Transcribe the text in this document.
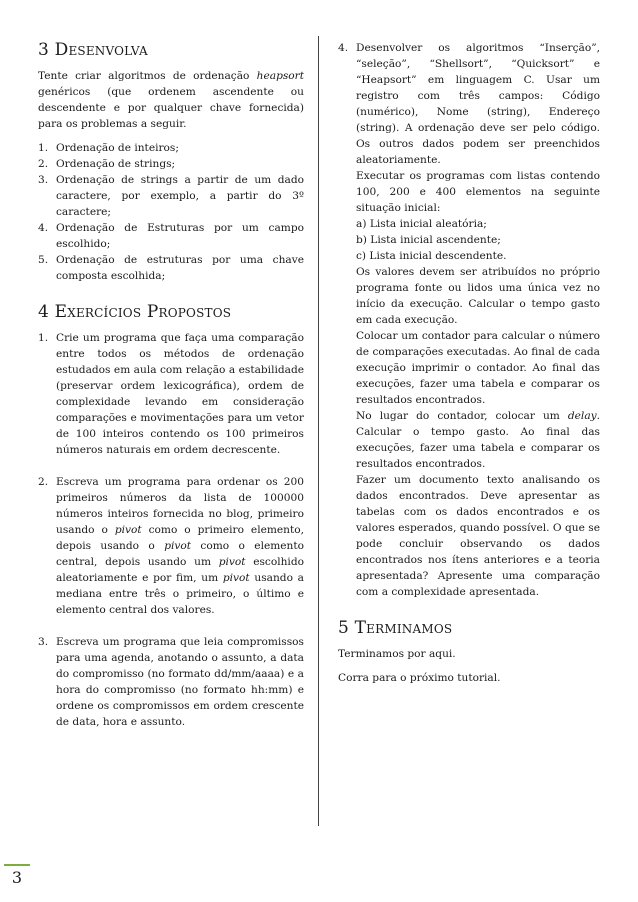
3 Desenvolva

Tente criar algoritmos de ordenação heapsort genéricos (que ordenem ascendente ou descendente e por qualquer chave fornecida) para os problemas a seguir.

1. Ordenação de inteiros;
2. Ordenação de strings;
3. Ordenação de strings a partir de um dado caractere, por exemplo, a partir do 3º caractere;
4. Ordenação de Estruturas por um campo escolhido;
5. Ordenação de estruturas por uma chave composta escolhida;
4 Exercícios Propostos
1. Crie um programa que faça uma comparação entre todos os métodos de ordenação estudados em aula com relação a estabilidade (preservar ordem lexicográfica), ordem de complexidade levando em consideração comparações e movimentações para um vetor de 100 inteiros contendo os 100 primeiros números naturais em ordem decrescente.
2. Escreva um programa para ordenar os 200 primeiros números da lista de 100000 números inteiros fornecida no blog, primeiro usando o pivot como o primeiro elemento, depois usando o pivot como o elemento central, depois usando um pivot escolhido aleatoriamente e por fim, um pivot usando a mediana entre três o primeiro, o último e elemento central dos valores.
3. Escreva um programa que leia compromissos para uma agenda, anotando o assunto, a data do compromisso (no formato dd/mm/aaaa) e a hora do compromisso (no formato hh:mm) e ordene os compromissos em ordem crescente de data, hora e assunto.
4. Desenvolver os algoritmos “Inserção”, “seleção”, “Shellsort”, “Quicksort” e “Heapsort” em linguagem C. Usar um registro com três campos: Código (numérico), Nome (string), Endereço (string). A ordenação deve ser pelo código. Os outros dados podem ser preenchidos aleatoriamente.

Executar os programas com listas contendo 100, 200 e 400 elementos na seguinte situação inicial:

a) Lista inicial aleatória;

b) Lista inicial ascendente;

c) Lista inicial descendente.

Os valores devem ser atribuídos no próprio programa fonte ou lidos uma única vez no início da execução. Calcular o tempo gasto em cada execução.

Colocar um contador para calcular o número de comparações executadas. Ao final de cada execução imprimir o contador. Ao final das execuções, fazer uma tabela e comparar os resultados encontrados.

No lugar do contador, colocar um delay. Calcular o tempo gasto. Ao final das execuções, fazer uma tabela e comparar os resultados encontrados.

Fazer um documento texto analisando os dados encontrados. Deve apresentar as tabelas com os dados encontrados e os valores esperados, quando possível. O que se pode concluir observando os dados encontrados nos ítens anteriores e a teoria apresentada? Apresente uma comparação com a complexidade apresentada.

5 Terminamos

Terminamos por aqui.

Corra para o próximo tutorial.

3
